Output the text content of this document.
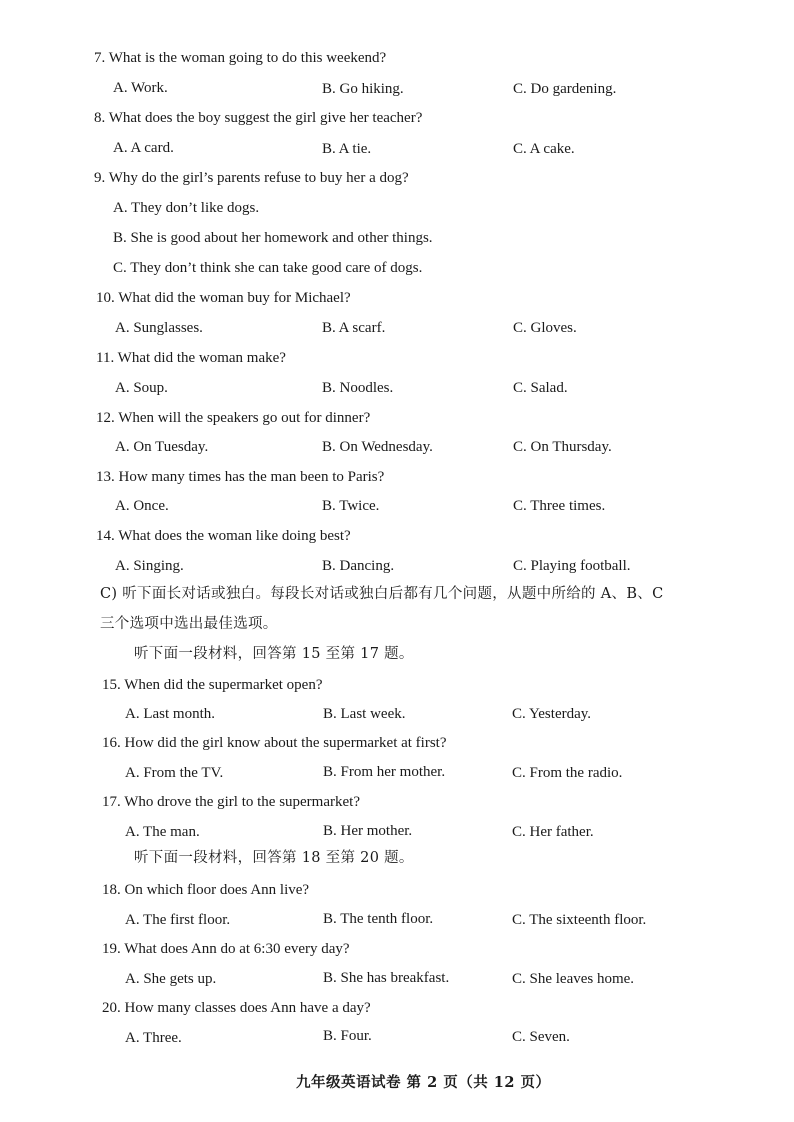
7. What is the woman going to do this weekend?
A. Work.	B. Go hiking.	C. Do gardening.
8. What does the boy suggest the girl give her teacher?
A. A card.	B. A tie.	C. A cake.
9. Why do the girl’s parents refuse to buy her a dog?
A. They don’t like dogs.
B. She is good about her homework and other things.
C. They don’t think she can take good care of dogs.
10. What did the woman buy for Michael?
A. Sunglasses.	B. A scarf.	C. Gloves.
11. What did the woman make?
A. Soup.	B. Noodles.	C. Salad.
12. When will the speakers go out for dinner?
A. On Tuesday.	B. On Wednesday.	C. On Thursday.
13. How many times has the man been to Paris?
A. Once.	B. Twice.	C. Three times.
14. What does the woman like doing best?
A. Singing.	B. Dancing.	C. Playing football.
C) 听下面长对话或独白。每段长对话或独白后都有几个问题，从题中所给的 A、B、C
三个选项中选出最佳选项。
听下面一段材料，回答第 15 至第 17 题。
15. When did the supermarket open?
A. Last month.	B. Last week.	C. Yesterday.
16. How did the girl know about the supermarket at first?
A. From the TV.	B. From her mother.	C. From the radio.
17. Who drove the girl to the supermarket?
A. The man.	B. Her mother.	C. Her father.
听下面一段材料，回答第 18 至第 20 题。
18. On which floor does Ann live?
A. The first floor.	B. The tenth floor.	C. The sixteenth floor.
19. What does Ann do at 6:30 every day?
A. She gets up.	B. She has breakfast.	C. She leaves home.
20. How many classes does Ann have a day?
A. Three.	B. Four.	C. Seven.
九年级英语试卷 第 2 页（共 12 页）
